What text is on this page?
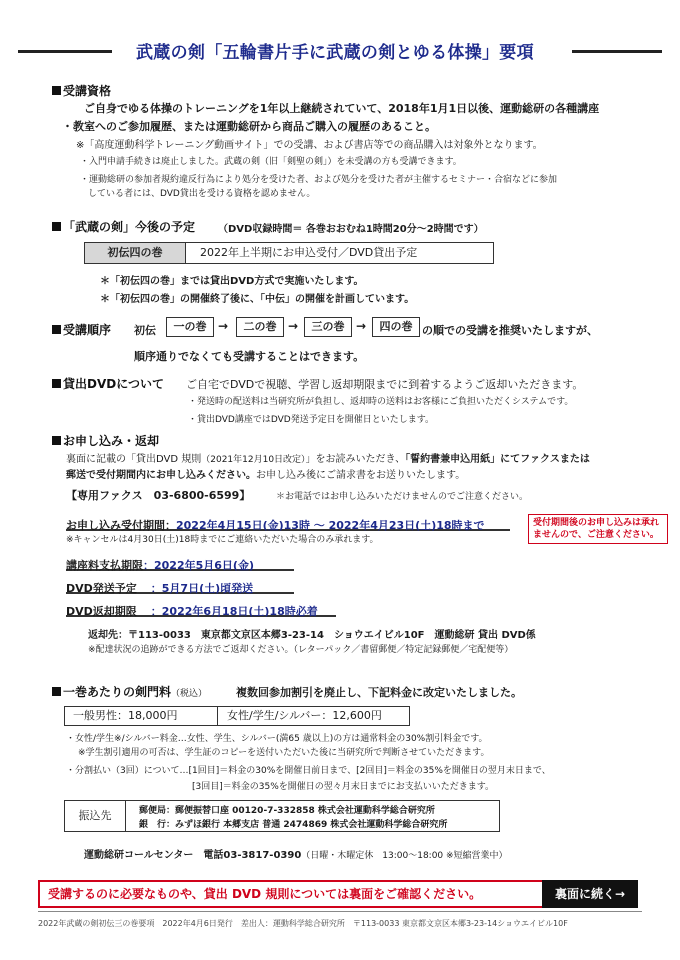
武蔵の剣「五輪書片手に武蔵の剣とゆる体操」要項
受講資格
ご自身でゆる体操のトレーニングを1年以上継続されていて、2018年1月1日以後、運動総研の各種講座
・教室へのご参加履歴、または運動総研から商品ご購入の履歴のあること。
※「高度運動科学トレーニング動画サイト」での受講、および書店等での商品購入は対象外となります。
・入門申請手続きは廃止しました。武蔵の剣（旧「剣聖の剣」）を未受講の方も受講できます。
・運動総研の参加者規約違反行為により処分を受けた者、および処分を受けた者が主催するセミナー・合宿などに参加
している者には、DVD貸出を受ける資格を認めません。
「武蔵の剣」今後の予定 （DVD収録時間＝ 各巻おおむね1時間20分〜2時間です）
初伝四の巻	2022年上半期にお申込受付／DVD貸出予定
＊「初伝四の巻」までは貸出DVD方式で実施いたします。
＊「初伝四の巻」の開催終了後に、「中伝」の開催を計画しています。
受講順序 初伝	一の巻 →	二の巻 →	三の巻 →	四の巻 の順での受講を推奨いたしますが、
順序通りでなくても受講することはできます。
貸出DVDについて ご自宅でDVDで視聴、学習し返却期限までに到着するようご返却いただきます。
・発送時の配送料は当研究所が負担し、返却時の送料はお客様にご負担いただくシステムです。
・貸出DVD講座ではDVD発送予定日を開催日といたします。
お申し込み・返却
裏面に記載の「貸出DVD 規則（2021年12月10日改定）」をお読みいただき、「誓約書兼申込用紙」にてファクスまたは
郵送で受付期間内にお申し込みください。お申し込み後にご請求書をお送りいたします。
【専用ファクス　03-6800-6599】	＊お電話ではお申し込みいただけませんのでご注意ください。
お申し込み受付期間：2022年4月15日(金)13時 〜 2022年4月23日(土)18時まで
※キャンセルは4月30日(土)18時までにご連絡いただいた場合のみ承れます。
受付期間後のお申し込みは承れませんので、ご注意ください。
講座料支払期限：2022年5月6日(金)
DVD発送予定 ：5月7日(土)頃発送
DVD返却期限 ：2022年6月18日(土)18時必着
返却先：〒113-0033　東京都文京区本郷3-23-14　ショウエイビル10F　運動総研 貸出 DVD係
※配達状況の追跡ができる方法でご返却ください。（レターパック／書留郵便／特定記録郵便／宅配便等）
一巻あたりの剣門料（税込）	複数回参加割引を廃止し、下記料金に改定いたしました。
一般男性：18,000円	女性/学生/シルバー：12,600円
・女性/学生※/シルバー料金…女性、学生、シルバー(満65 歳以上)の方は通常料金の30%割引料金です。
※学生割引適用の可否は、学生証のコピーを送付いただいた後に当研究所で判断させていただきます。
・分割払い（3回）について…[1回目]＝料金の30%を開催日前日まで、[2回目]＝料金の35%を開催日の翌月末日まで、
[3回目]＝料金の35%を開催日の翌々月末日までにお支払いいただきます。
振込先	郵便局：郵便振替口座 00120-7-332858 株式会社運動科学総合研究所
銀　行：みずほ銀行 本郷支店 普通 2474869 株式会社運動科学総合研究所
運動総研コールセンター　電話03-3817-0390（日曜・木曜定休　13:00〜18:00 ※短縮営業中）
受講するのに必要なものや、貸出 DVD 規則については裏面をご確認ください。	裏面に続く→
2022年武蔵の剣初伝三の巻要項　2022年4月6日発行　差出人：運動科学総合研究所　〒113-0033 東京都文京区本郷3-23-14ショウエイビル10F
